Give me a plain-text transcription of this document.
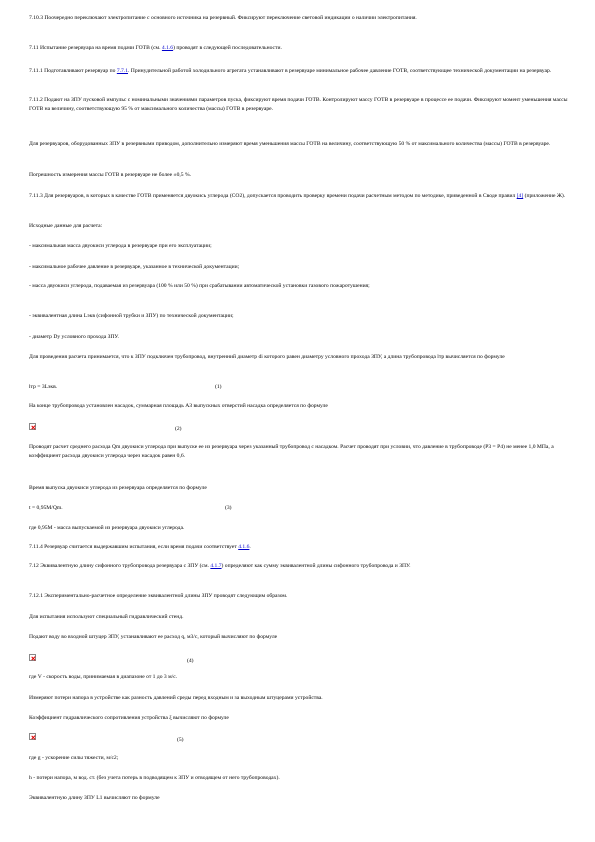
7.10.3 Поочередно переключают электропитание с основного источника на резервный. Фиксируют переключение световой индикации о наличии электропитания.

7.11 Испытание резервуара на время подачи ГОТВ (см. 4.1.6) проводят в следующей последовательности.

7.11.1 Подготавливают резервуар по 7.7.1. Принудительной работой холодильного агрегата устанавливают в резервуаре минимальное рабочее давление ГОТВ, соответствующее технической документации на резервуар.

7.11.2 Подают на ЗПУ пусковой импульс с номинальными значениями параметров пуска, фиксируют время подачи ГОТВ. Контролируют массу ГОТВ в резервуаре в процессе ее подачи. Фиксируют момент уменьшения массы ГОТВ на величину, соответствующую 95 % от максимального количества (массы) ГОТВ в резервуаре.

Для резервуаров, оборудованных ЗПУ в резервными приводом, дополнительно измеряют время уменьшения массы ГОТВ на величину, соответствующую 50 % от максимального количества (массы) ГОТВ в резервуаре.

Погрешность измерения массы ГОТВ в резервуаре не более ±0,5 %.

7.11.3 Для резервуаров, в которых в качестве ГОТВ применяется двуокись углерода (СО2), допускается проводить проверку времени подачи расчетным методом по методике, приведенной в Своде правил [4] (приложение Ж).

Исходные данные для расчета:

- максимальная масса двуокиси углерода в резервуаре при его эксплуатации;

- максимальное рабочее давление в резервуаре, указанное в технической документации;

- масса двуокиси углерода, подаваемая из резервуара (100 % или 50 %) при срабатывании автоматической установки газового пожаротушения;

- эквивалентная длина Lэкв (сифонной трубки и ЗПУ) по технической документации;

- диаметр Dу условного прохода ЗПУ.

Для проведения расчета принимается, что к ЗПУ подключен трубопровод, внутренний диаметр di которого равен диаметру условного прохода ЗПУ, а длина трубопровода lтр вычисляется по формуле

lтр = 3Lэкв.	(1)

На конце трубопровода установлен насадок, суммарная площадь AЗ выпускных отверстий насадка определяется по формуле

(2)

Проводят расчет среднего расхода Qm двуокиси углерода при выпуске ее из резервуара через указанный трубопровод с насадком. Расчет проводят при условии, что давление в трубопроводе (P3 = P4) не менее 1,0 МПа, а коэффициент расхода двуокиси углерода через насадок равен 0,6.

Время выпуска двуокиси углерода из резервуара определяется по формуле

t = 0,95M/Qm.	(3)

где 0,95M - масса выпускаемой из резервуара двуокиси углерода.

7.11.4 Резервуар считается выдержавшим испытания, если время подачи соответствует 4.1.6.

7.12 Эквивалентную длину сифонного трубопровода резервуара с ЗПУ (см. 4.1.7) определяют как сумму эквивалентной длины сифонного трубопровода и ЗПУ.

7.12.1 Экспериментально-расчетное определение эквивалентной длины ЗПУ проводят следующим образом.

Для испытания используют специальный гидравлический стенд.

Подают воду во входной штуцер ЗПУ, устанавливают ее расход q, м3/с, который вычисляют по формуле

(4)

где V - скорость воды, принимаемая в диапазоне от 1 до 3 м/с.

Измеряют потери напора в устройстве как разность давлений среды перед входным и за выходным штуцерами устройства.

Коэффициент гидравлического сопротивления устройства ξ вычисляют по формуле

(5)

где g - ускорение силы тяжести, м/с2;

h - потери напора, м вод. ст. (без учета потерь в подводящем к ЗПУ и отводящем от него трубопроводах).

Эквивалентную длину ЗПУ L1 вычисляют по формуле
